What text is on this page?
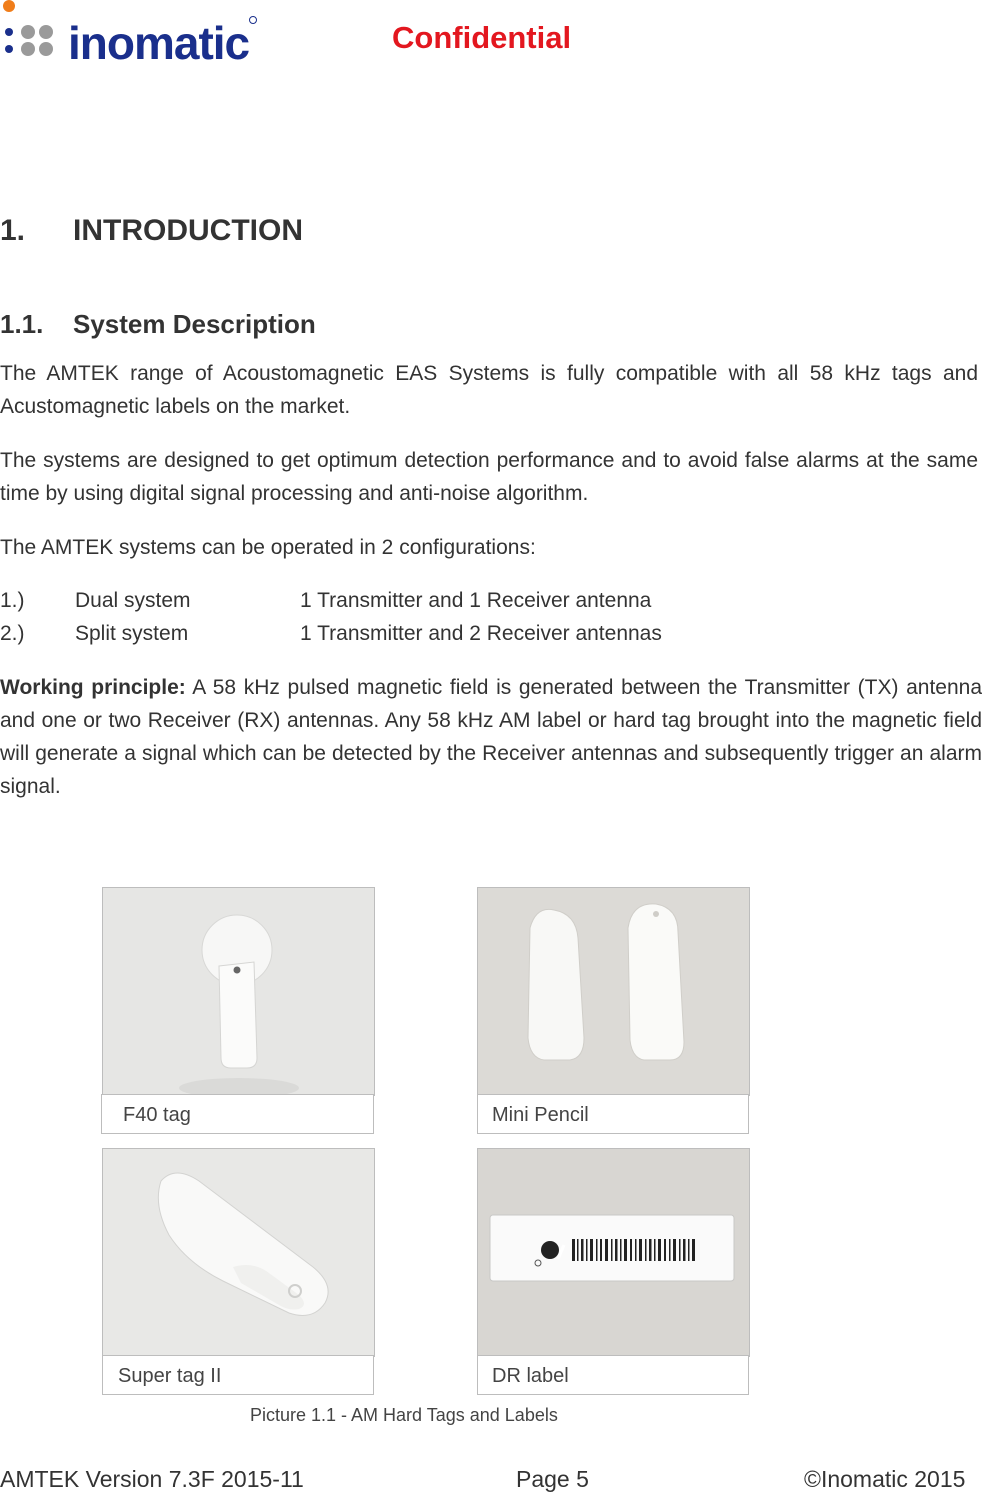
inomatic	Confidential
1. INTRODUCTION
1.1. System Description
The AMTEK range of Acoustomagnetic EAS Systems is fully compatible with all 58 kHz tags and Acustomagnetic labels on the market.
The systems are designed to get optimum detection performance and to avoid false alarms at the same time by using digital signal processing and anti-noise algorithm.
The AMTEK systems can be operated in 2 configurations:
1.) Dual system	1 Transmitter and 1 Receiver antenna
2.) Split system	1 Transmitter and 2 Receiver antennas
Working principle: A 58 kHz pulsed magnetic field is generated between the Transmitter (TX) antenna and one or two Receiver (RX) antennas. Any 58 kHz AM label or hard tag brought into the magnetic field will generate a signal which can be detected by the Receiver antennas and subsequently trigger an alarm signal.
F40 tag	Mini Pencil
Super tag II	DR label
Picture 1.1 - AM Hard Tags and Labels
AMTEK Version 7.3F 2015-11	Page 5	©Inomatic 2015
